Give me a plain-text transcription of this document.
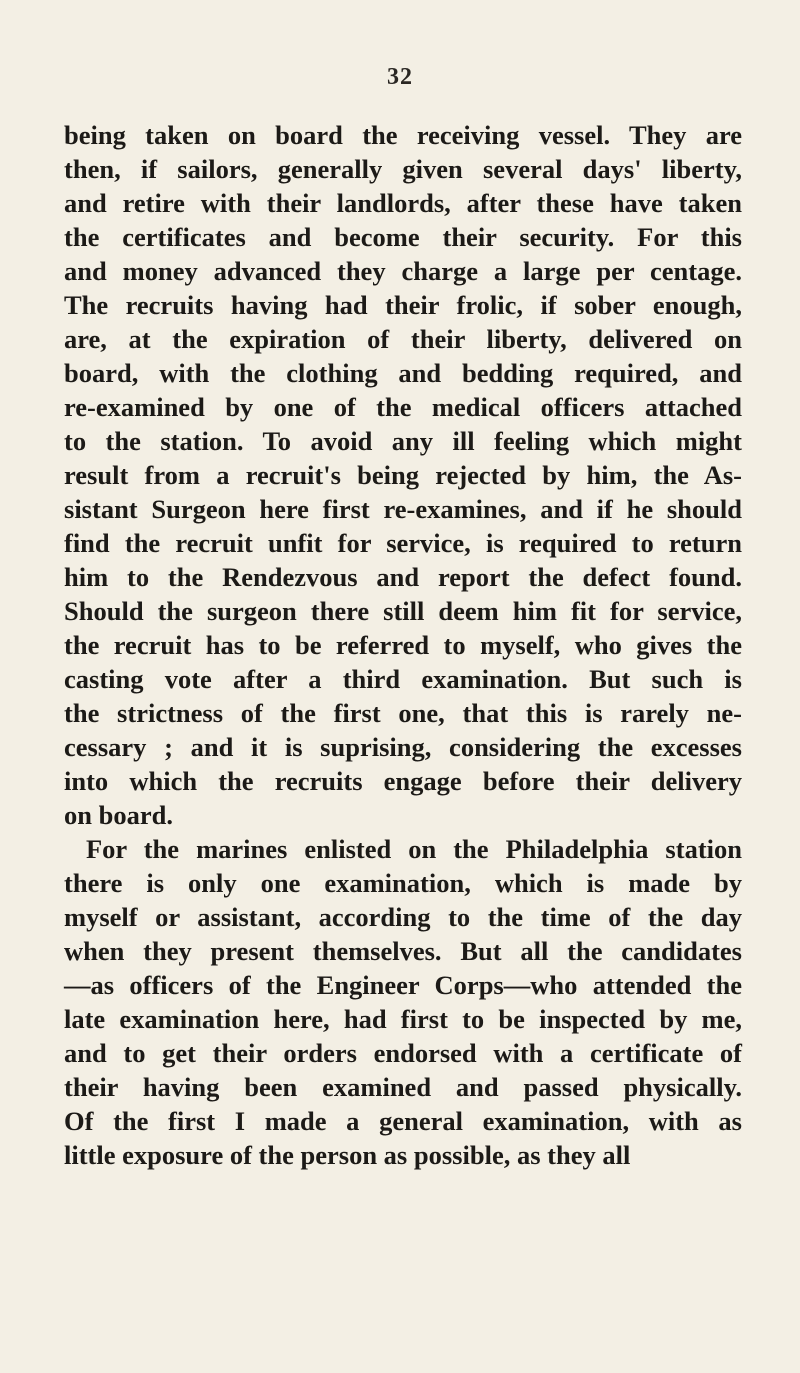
32
being taken on board the receiving vessel. They are
then, if sailors, generally given several days' liberty,
and retire with their landlords, after these have taken
the certificates and become their security. For this
and money advanced they charge a large per centage.
The recruits having had their frolic, if sober enough,
are, at the expiration of their liberty, delivered on
board, with the clothing and bedding required, and
re-examined by one of the medical officers attached
to the station. To avoid any ill feeling which might
result from a recruit's being rejected by him, the As-
sistant Surgeon here first re-examines, and if he should
find the recruit unfit for service, is required to return
him to the Rendezvous and report the defect found.
Should the surgeon there still deem him fit for service,
the recruit has to be referred to myself, who gives the
casting vote after a third examination. But such is
the strictness of the first one, that this is rarely ne-
cessary ; and it is suprising, considering the excesses
into which the recruits engage before their delivery
on board.
For the marines enlisted on the Philadelphia station
there is only one examination, which is made by
myself or assistant, according to the time of the day
when they present themselves. But all the candidates
—as officers of the Engineer Corps—who attended the
late examination here, had first to be inspected by me,
and to get their orders endorsed with a certificate of
their having been examined and passed physically.
Of the first I made a general examination, with as
little exposure of the person as possible, as they all
